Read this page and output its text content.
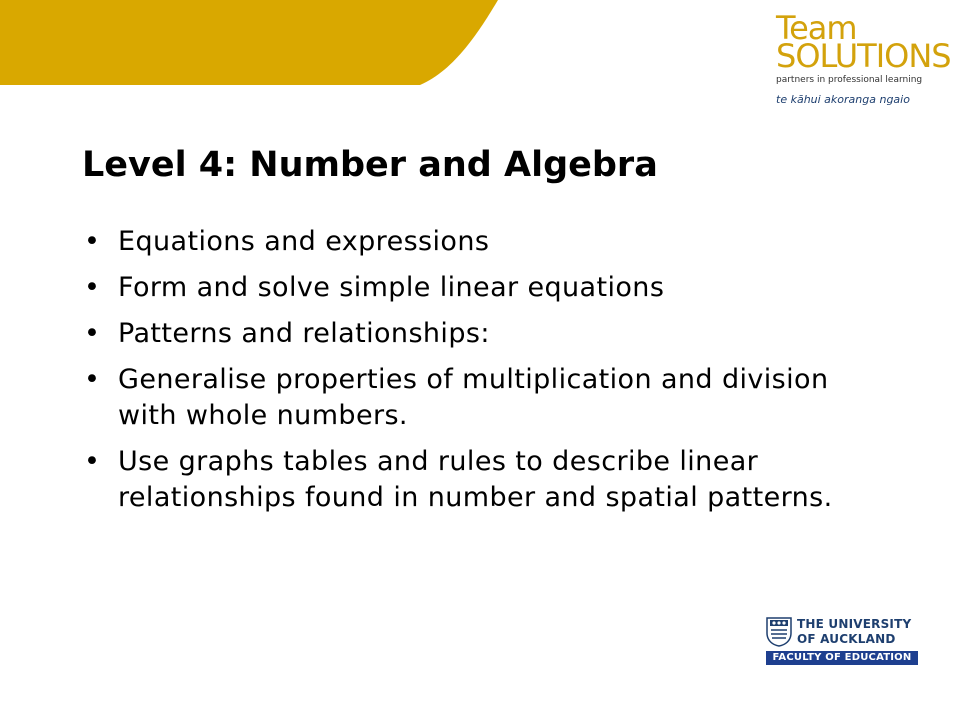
Team
SOLUTIONS
partners in professional learning
te kāhui akoranga ngaio
Level 4: Number and Algebra
• Equations and expressions
• Form and solve simple linear equations
• Patterns and relationships:
• Generalise properties of multiplication and division with whole numbers.
• Use graphs tables and rules to describe linear relationships found in number and spatial patterns.
THE UNIVERSITY
OF AUCKLAND
FACULTY OF EDUCATION
